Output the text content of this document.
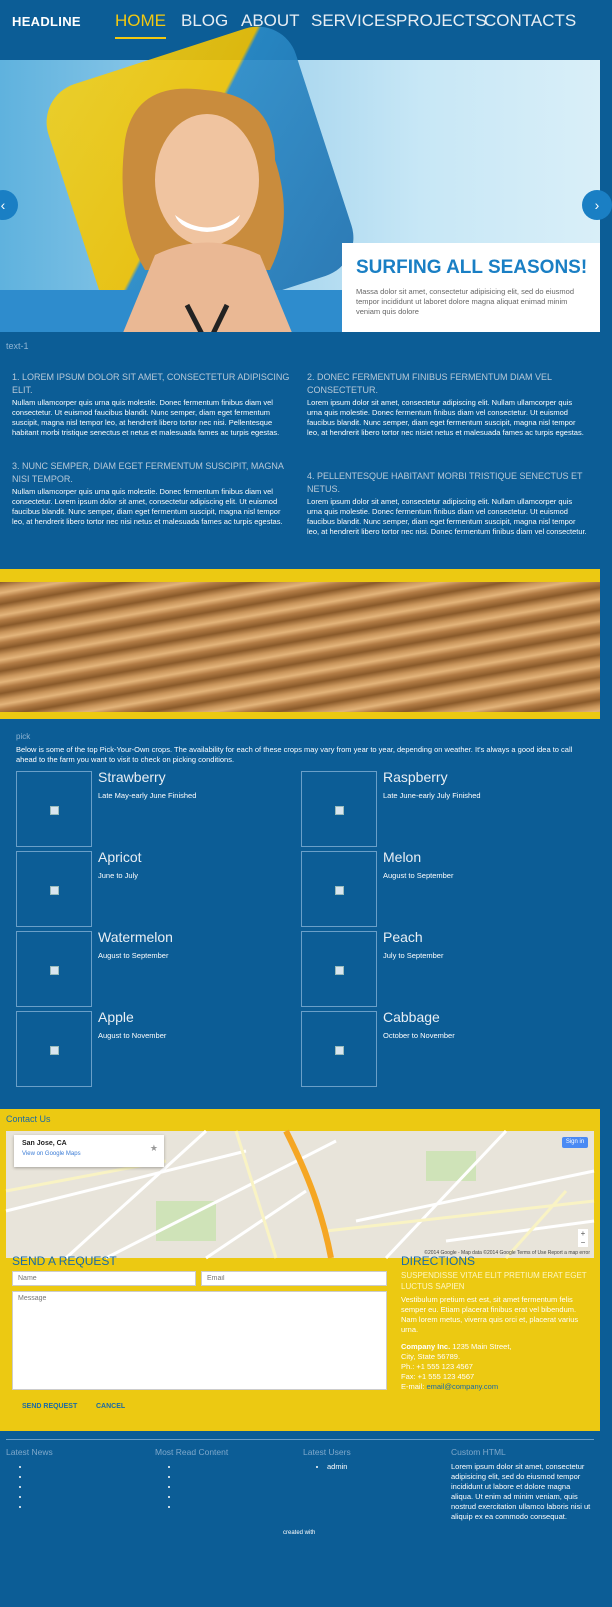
HEADLINE HOME BLOG ABOUT SERVICES PROJECTS
CONTACTS
SURFING ALL SEASONS!
Massa dolor sit amet, consectetur adipisicing elit, sed do eiusmod tempor incididunt ut laboret dolore magna aliquat enimad minim veniam quis dolore
‹	›
text-1
1. LOREM IPSUM DOLOR SIT AMET, CONSECTETUR ADIPISCING ELIT.
Nullam ullamcorper quis urna quis molestie. Donec fermentum finibus diam vel consectetur. Ut euismod faucibus blandit. Nunc semper, diam eget fermentum suscipit, magna nisl tempor leo, at hendrerit libero tortor nec nisi. Pellentesque habitant morbi tristique senectus et netus et malesuada fames ac turpis egestas.
2. DONEC FERMENTUM FINIBUS FERMENTUM DIAM VEL CONSECTETUR.
Lorem ipsum dolor sit amet, consectetur adipiscing elit. Nullam ullamcorper quis urna quis molestie. Donec fermentum finibus diam vel consectetur. Ut euismod faucibus blandit. Nunc semper, diam eget fermentum suscipit, magna nisl tempor leo, at hendrerit libero tortor nec nisiet netus et malesuada fames ac turpis egestas.
3. NUNC SEMPER, DIAM EGET FERMENTUM SUSCIPIT, MAGNA NISI TEMPOR.
Nullam ullamcorper quis urna quis molestie. Donec fermentum finibus diam vel consectetur. Lorem ipsum dolor sit amet, consectetur adipiscing elit. Ut euismod faucibus blandit. Nunc semper, diam eget fermentum suscipit, magna nisl tempor leo, at hendrerit libero tortor nec nisi netus et malesuada fames ac turpis egestas.
4. PELLENTESQUE HABITANT MORBI TRISTIQUE SENECTUS ET NETUS.
Lorem ipsum dolor sit amet, consectetur adipiscing elit. Nullam ullamcorper quis urna quis molestie. Donec fermentum finibus diam vel consectetur. Ut euismod faucibus blandit. Nunc semper, diam eget fermentum suscipit, magna nisl tempor leo, at hendrerit libero tortor nec nisi. Donec fermentum finibus diam vel consectetur.
pick
Below is some of the top Pick-Your-Own crops. The availability for each of these crops may vary from year to year, depending on weather. It's always a good idea to call ahead to the farm you want to visit to check on picking conditions.
Strawberry
Late May-early June Finished
Raspberry
Late June-early July Finished
Apricot
June to July
Melon
August to September
Watermelon
August to September
Peach
July to September
Apple
August to November
Cabbage
October to November
Contact Us
San Jose, CA
View on Google Maps
★
Sign in
+
−
©2014 Google - Map data ©2014 Google Terms of Use Report a map error
SEND A REQUEST
Name
Email
Message
SEND REQUEST	CANCEL
DIRECTIONS
SUSPENDISSE VITAE ELIT PRETIUM ERAT EGET LUCTUS SAPIEN
Vestibulum pretium est est, sit amet fermentum felis semper eu. Etiam placerat finibus erat vel bibendum. Nam lorem metus, viverra quis orci et, placerat varius urna.
Company Inc. 1235 Main Street,
City, State 56789.
Ph.: +1 555 123 4567
Fax: +1 555 123 4567
E-mail: email@company.com
Latest News
•
•
•
•
•	Most Read Content
•
•
•
•
•	Latest Users
• admin
Custom HTML
Lorem ipsum dolor sit amet, consectetur adipisicing elit, sed do eiusmod tempor incididunt ut labore et dolore magna aliqua. Ut enim ad minim veniam, quis nostrud exercitation ullamco laboris nisi ut aliquip ex ea commodo consequat.
created with
